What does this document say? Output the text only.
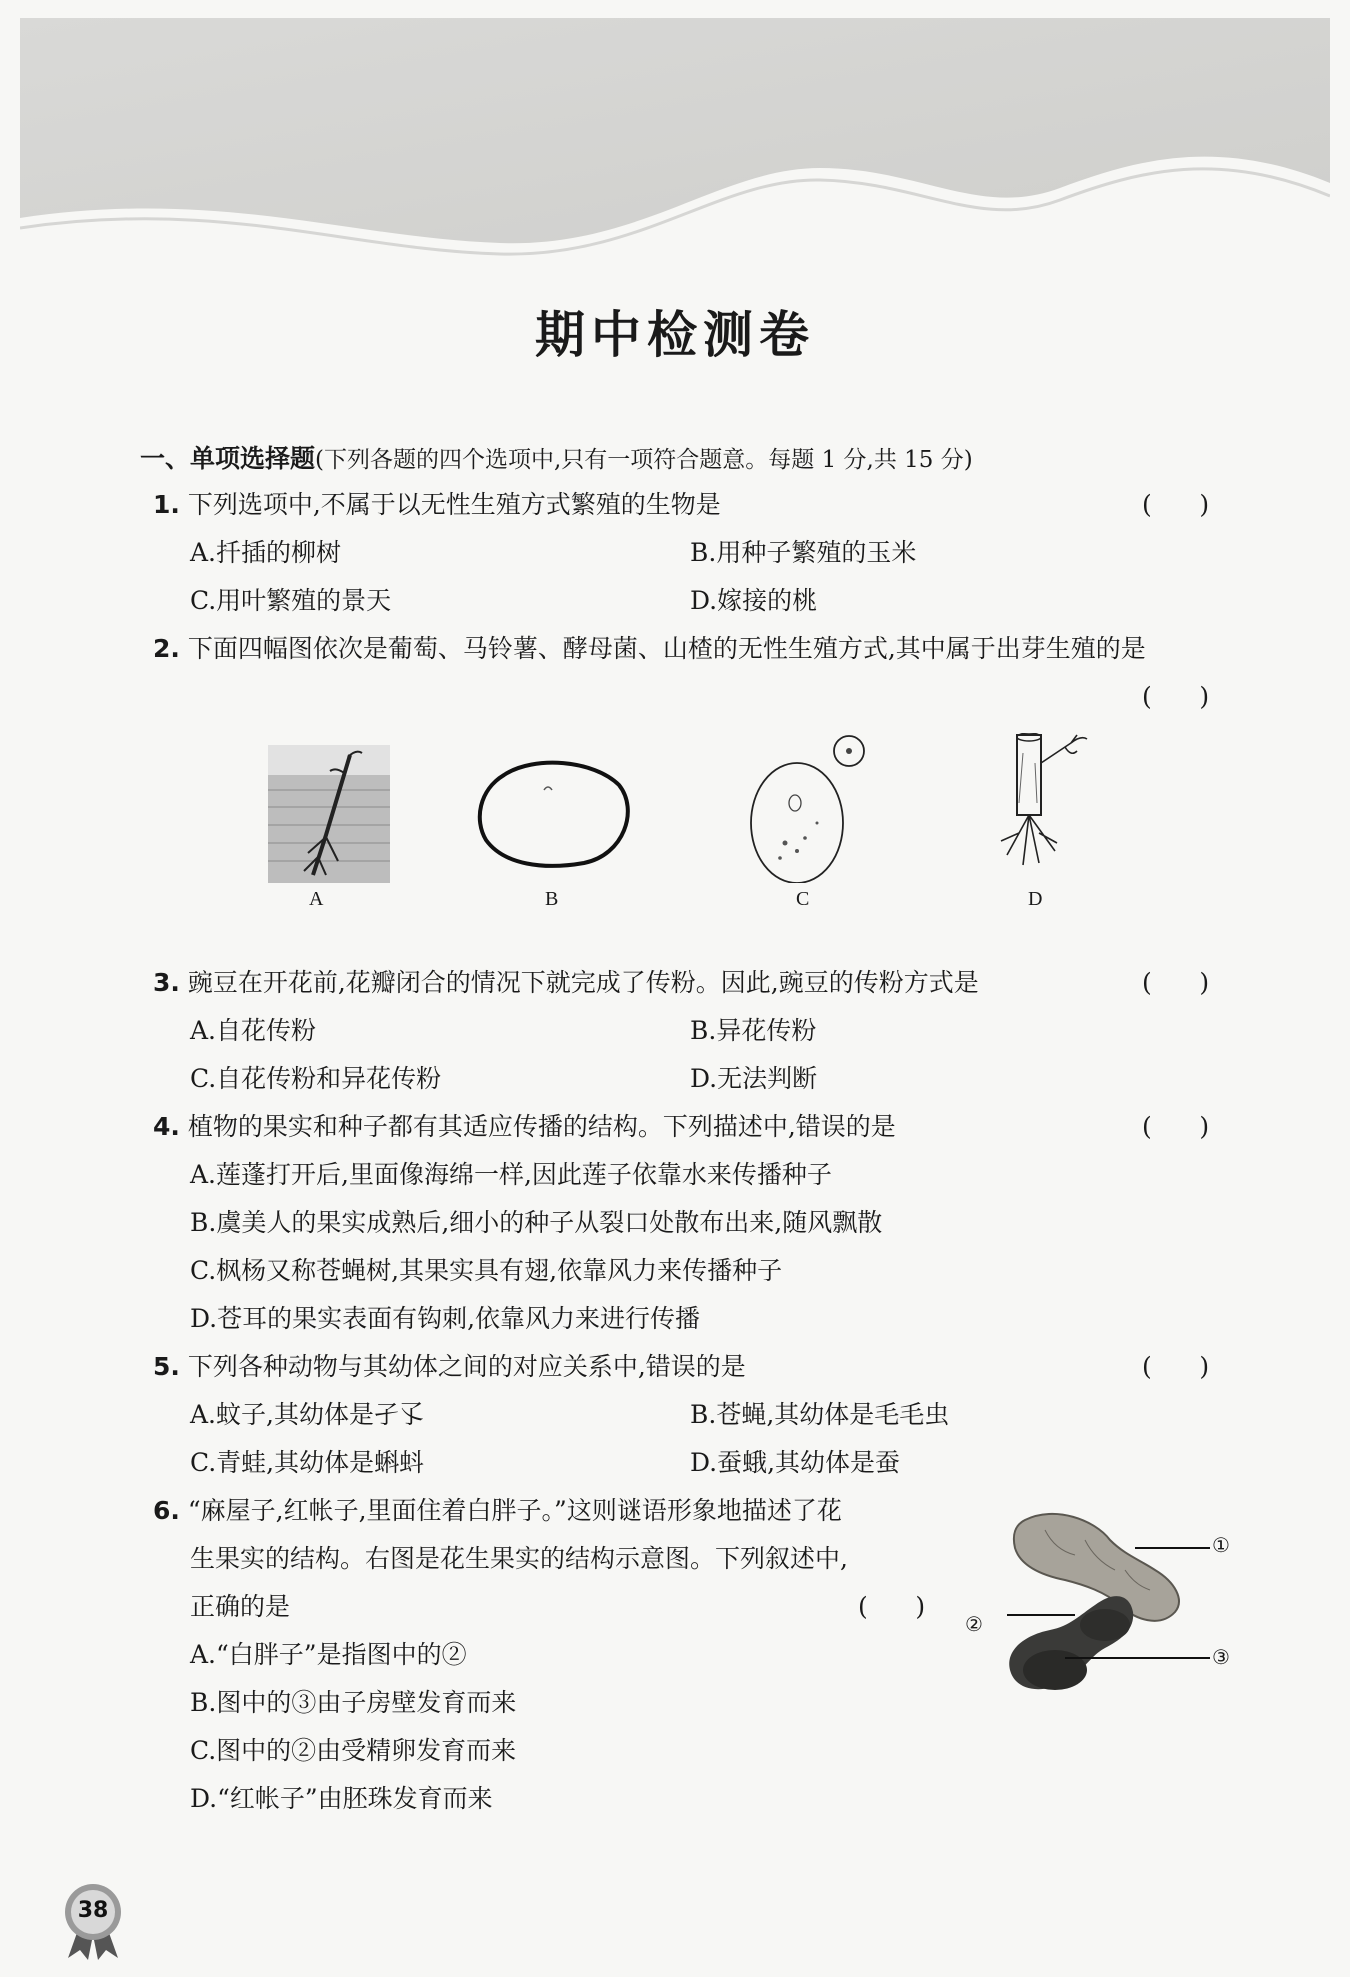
期中检测卷
一、单项选择题(下列各题的四个选项中,只有一项符合题意。每题 1 分,共 15 分)
1. 下列选项中,不属于以无性生殖方式繁殖的生物是	(      )
A.扦插的柳树	B.用种子繁殖的玉米
C.用叶繁殖的景天	D.嫁接的桃
2. 下面四幅图依次是葡萄、马铃薯、酵母菌、山楂的无性生殖方式,其中属于出芽生殖的是
(      )
A	B	C	D
3. 豌豆在开花前,花瓣闭合的情况下就完成了传粉。因此,豌豆的传粉方式是	(      )
A.自花传粉	B.异花传粉
C.自花传粉和异花传粉	D.无法判断
4. 植物的果实和种子都有其适应传播的结构。下列描述中,错误的是	(      )
A.莲蓬打开后,里面像海绵一样,因此莲子依靠水来传播种子
B.虞美人的果实成熟后,细小的种子从裂口处散布出来,随风飘散
C.枫杨又称苍蝇树,其果实具有翅,依靠风力来传播种子
D.苍耳的果实表面有钩刺,依靠风力来进行传播
5. 下列各种动物与其幼体之间的对应关系中,错误的是	(      )
A.蚊子,其幼体是孑孓	B.苍蝇,其幼体是毛毛虫
C.青蛙,其幼体是蝌蚪	D.蚕蛾,其幼体是蚕
6. “麻屋子,红帐子,里面住着白胖子。”这则谜语形象地描述了花
生果实的结构。右图是花生果实的结构示意图。下列叙述中,
正确的是	(      )
A.“白胖子”是指图中的②
B.图中的③由子房壁发育而来
C.图中的②由受精卵发育而来
D.“红帐子”由胚珠发育而来
①
②
③
38
